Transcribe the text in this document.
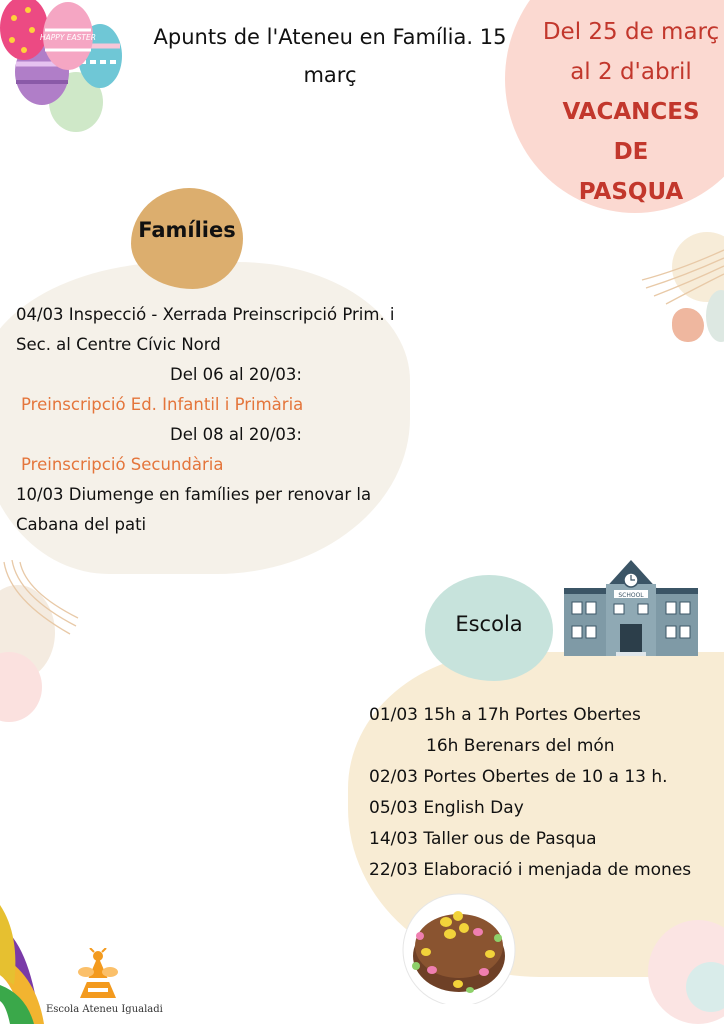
HAPPY EASTER	Apunts de l'Ateneu en Família. 15
març
Del 25 de març
al 2 d'abril
VACANCES
DE
PASQUA
Famílies
04/03 Inspecció - Xerrada Preinscripció Prim. i
Sec. al Centre Cívic Nord
Del 06 al 20/03:
Preinscripció Ed. Infantil i Primària
Del 08 al 20/03:
Preinscripció Secundària
10/03 Diumenge en famílies per renovar la
Cabana del pati
Escola
SCHOOL
01/03 15h a 17h Portes Obertes
16h Berenars del món
02/03 Portes Obertes de 10 a 13 h.
05/03 English Day
14/03 Taller ous de Pasqua
22/03 Elaboració i menjada de mones
Escola Ateneu Igualadi
